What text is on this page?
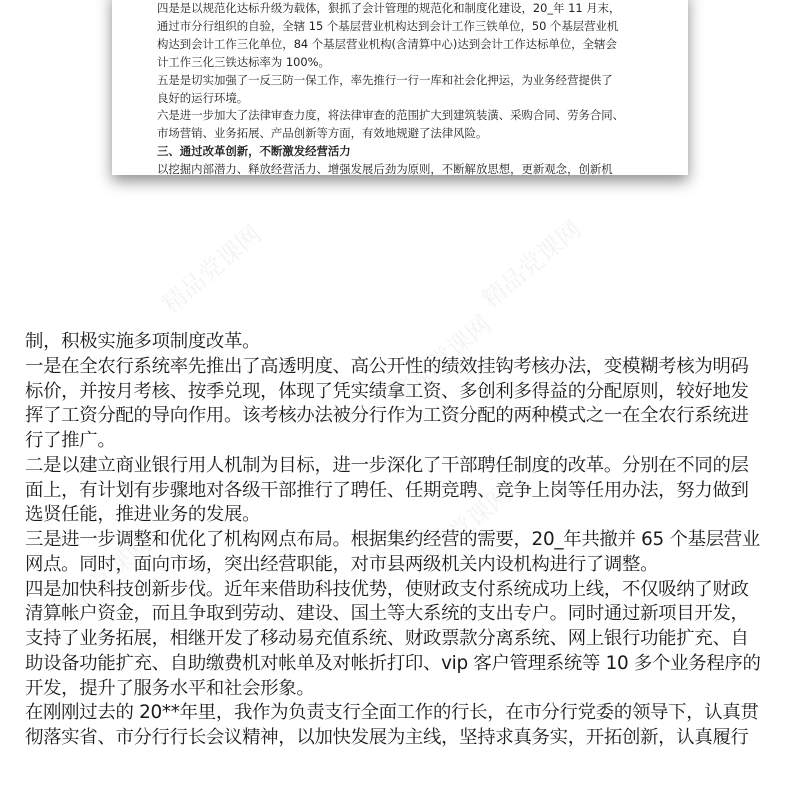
四是是以规范化达标升级为载体，狠抓了会计管理的规范化和制度化建设，20_年 11 月末，
通过市分行组织的自验，全辖 15 个基层营业机构达到会计工作三铁单位，50 个基层营业机
构达到会计工作三化单位，84 个基层营业机构(含清算中心)达到会计工作达标单位，全辖会
计工作三化三铁达标率为 100%。
五是是切实加强了一反三防一保工作，率先推行一行一库和社会化押运，为业务经营提供了
良好的运行环境。
六是进一步加大了法律审查力度，将法律审查的范围扩大到建筑装潢、采购合同、劳务合同、
市场营销、业务拓展、产品创新等方面，有效地规避了法律风险。
三、通过改革创新，不断激发经营活力
以挖掘内部潜力、释放经营活力、增强发展后劲为原则，不断解放思想，更新观念，创新机
制，积极实施多项制度改革。
一是在全农行系统率先推出了高透明度、高公开性的绩效挂钩考核办法，变模糊考核为明码
标价，并按月考核、按季兑现，体现了凭实绩拿工资、多创利多得益的分配原则，较好地发
挥了工资分配的导向作用。该考核办法被分行作为工资分配的两种模式之一在全农行系统进
行了推广。
二是以建立商业银行用人机制为目标，进一步深化了干部聘任制度的改革。分别在不同的层
面上，有计划有步骤地对各级干部推行了聘任、任期竞聘、竞争上岗等任用办法，努力做到
选贤任能，推进业务的发展。
三是进一步调整和优化了机构网点布局。根据集约经营的需要，20_年共撤并 65 个基层营业
网点。同时，面向市场，突出经营职能，对市县两级机关内设机构进行了调整。
四是加快科技创新步伐。近年来借助科技优势，使财政支付系统成功上线，不仅吸纳了财政
清算帐户资金，而且争取到劳动、建设、国土等大系统的支出专户。同时通过新项目开发，
支持了业务拓展，相继开发了移动易充值系统、财政票款分离系统、网上银行功能扩充、自
助设备功能扩充、自助缴费机对帐单及对帐折打印、vip 客户管理系统等 10 多个业务程序的
开发，提升了服务水平和社会形象。
在刚刚过去的 20**年里，我作为负责支行全面工作的行长，在市分行党委的领导下，认真贯
彻落实省、市分行行长会议精神，以加快发展为主线，坚持求真务实，开拓创新，认真履行
精品党课网	精品党课网
精品党课网
精品党课网
精品党课网
